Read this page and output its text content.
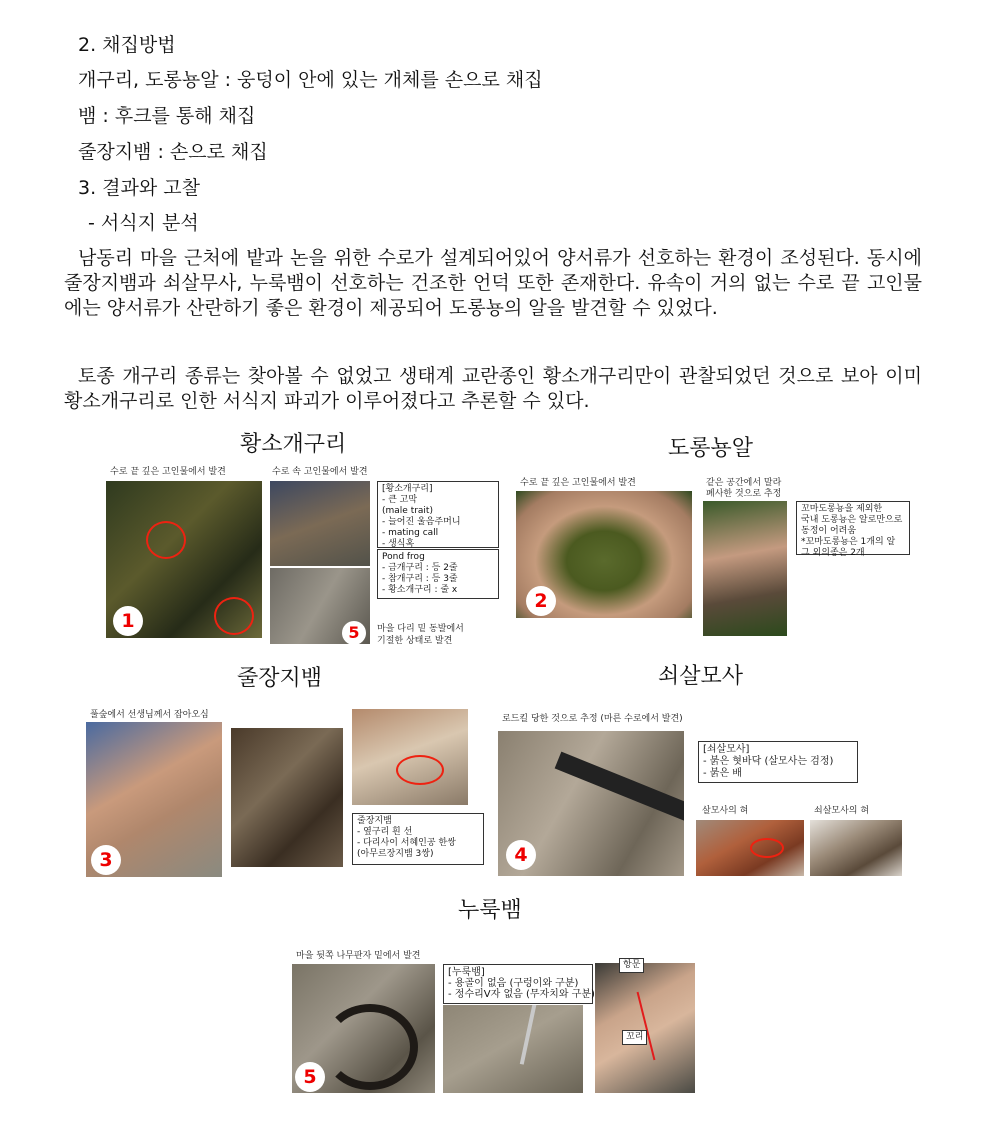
2. 채집방법
개구리, 도롱뇽알 : 웅덩이 안에 있는 개체를 손으로 채집
뱀 : 후크를 통해 채집
줄장지뱀 : 손으로 채집
3. 결과와 고찰
- 서식지 분석
남동리 마을 근처에 밭과 논을 위한 수로가 설계되어있어 양서류가 선호하는 환경이 조성된다. 동시에 줄장지뱀과 쇠살무사, 누룩뱀이 선호하는 건조한 언덕 또한 존재한다. 유속이 거의 없는 수로 끝 고인물에는 양서류가 산란하기 좋은 환경이 제공되어 도롱뇽의 알을 발견할 수 있었다.
토종 개구리 종류는 찾아볼 수 없었고 생태계 교란종인 황소개구리만이 관찰되었던 것으로 보아 이미 황소개구리로 인한 서식지 파괴가 이루어졌다고 추론할 수 있다.
황소개구리
수로 끝 깊은 고인물에서 발견	수로 속 고인물에서 발견
1
5
[황소개구리]
- 큰 고막
(male trait)
- 늘어진 울음주머니
- mating call
- 생식혹
Pond frog
- 금개구리 : 등 2줄
- 참개구리 : 등 3줄
- 황소개구리 : 줄 x
마을 다리 밑 동발에서
기절한 상태로 발견
도롱뇽알
수로 끝 깊은 고인물에서 발견
2
같은 공간에서 말라
폐사한 것으로 추정
꼬마도롱뇽을 제외한
국내 도롱뇽은 알로만으로
동정이 어려움
*꼬마도롱뇽은 1개의 알
그 외의종은 2개
줄장지뱀
풀숲에서 선생님께서 잡아오심
3
줄장지뱀
- 옆구리 흰 선
- 다리사이 서혜인공 한쌍
(아무르장지뱀 3쌍)
쇠살모사
로드킬 당한 것으로 추정 (마른 수로에서 발견)
4
[쇠살모사]
- 붉은 혓바닥 (살모사는 검정)
- 붉은 배
살모사의 혀	쇠살모사의 혀
누룩뱀
마을 뒷쪽 나무판자 밑에서 발견
5
[누룩뱀]
- 용골이 없음 (구렁이와 구분)
- 정수리V자 없음 (무자치와 구분)
항문
꼬리
